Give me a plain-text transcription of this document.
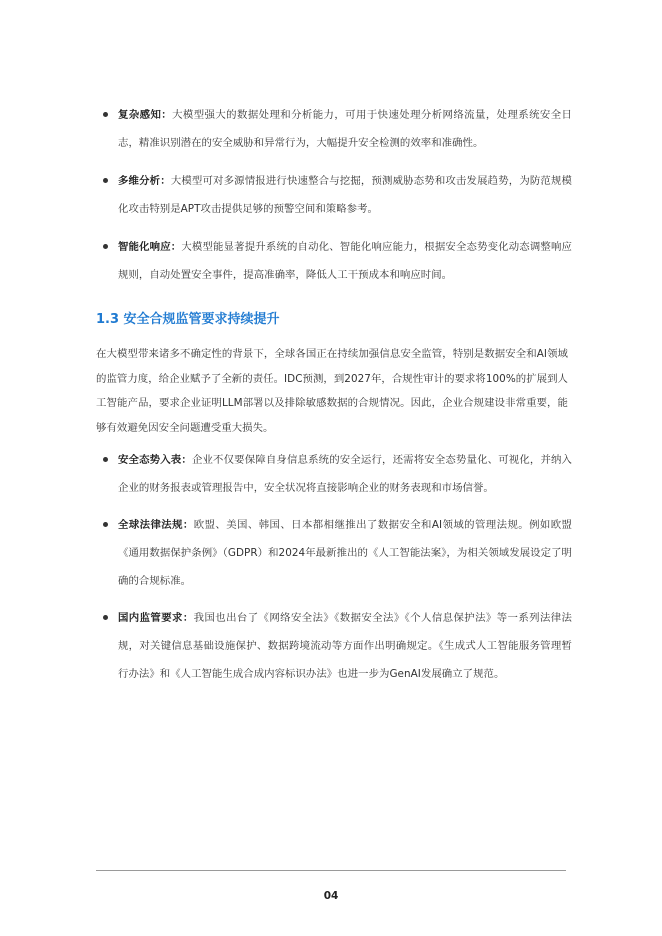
复杂感知：大模型强大的数据处理和分析能力，可用于快速处理分析网络流量，处理系统安全日志，精准识别潜在的安全威胁和异常行为，大幅提升安全检测的效率和准确性。
多维分析：大模型可对多源情报进行快速整合与挖掘，预测威胁态势和攻击发展趋势，为防范规模化攻击特别是APT攻击提供足够的预警空间和策略参考。
智能化响应：大模型能显著提升系统的自动化、智能化响应能力，根据安全态势变化动态调整响应规则，自动处置安全事件，提高准确率，降低人工干预成本和响应时间。
1.3 安全合规监管要求持续提升

在大模型带来诸多不确定性的背景下，全球各国正在持续加强信息安全监管，特别是数据安全和AI领域的监管力度，给企业赋予了全新的责任。IDC预测，到2027年，合规性审计的要求将100%的扩展到人工智能产品，要求企业证明LLM部署以及排除敏感数据的合规情况。因此，企业合规建设非常重要，能够有效避免因安全问题遭受重大损失。

安全态势入表：企业不仅要保障自身信息系统的安全运行，还需将安全态势量化、可视化，并纳入企业的财务报表或管理报告中，安全状况将直接影响企业的财务表现和市场信誉。
全球法律法规：欧盟、美国、韩国、日本都相继推出了数据安全和AI领域的管理法规。例如欧盟《通用数据保护条例》（GDPR）和2024年最新推出的《人工智能法案》，为相关领域发展设定了明确的合规标准。
国内监管要求：我国也出台了《网络安全法》《数据安全法》《个人信息保护法》等一系列法律法规，对关键信息基础设施保护、数据跨境流动等方面作出明确规定。《生成式人工智能服务管理暂行办法》和《人工智能生成合成内容标识办法》也进一步为GenAI发展确立了规范。
04
